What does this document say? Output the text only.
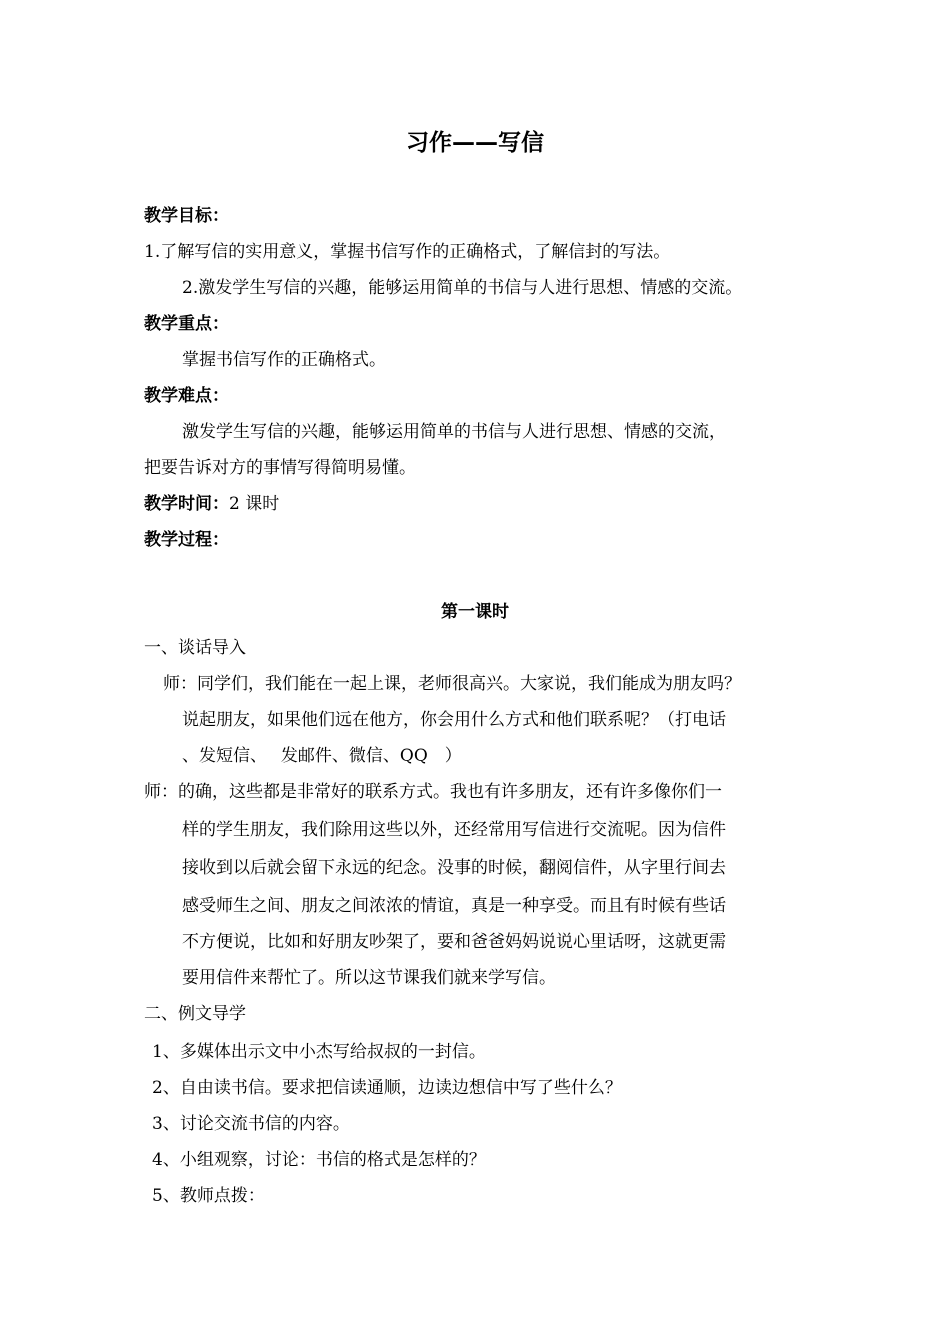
习作——写信
教学目标：
1.了解写信的实用意义，掌握书信写作的正确格式，了解信封的写法。
2.激发学生写信的兴趣，能够运用简单的书信与人进行思想、情感的交流。
教学重点：
掌握书信写作的正确格式。
教学难点：
激发学生写信的兴趣，能够运用简单的书信与人进行思想、情感的交流，
把要告诉对方的事情写得简明易懂。
教学时间：2 课时
教学过程：
第一课时
一、谈话导入
师：同学们，我们能在一起上课，老师很高兴。大家说，我们能成为朋友吗？
说起朋友，如果他们远在他方，你会用什么方式和他们联系呢？（打电话
、发短信、　 发邮件、微信、QQ　）
师：的确，这些都是非常好的联系方式。我也有许多朋友，还有许多像你们一
样的学生朋友，我们除用这些以外，还经常用写信进行交流呢。因为信件
接收到以后就会留下永远的纪念。没事的时候，翻阅信件，从字里行间去
感受师生之间、朋友之间浓浓的情谊，真是一种享受。而且有时候有些话
不方便说，比如和好朋友吵架了，要和爸爸妈妈说说心里话呀，这就更需
要用信件来帮忙了。所以这节课我们就来学写信。
二、例文导学
1、多媒体出示文中小杰写给叔叔的一封信。
2、自由读书信。要求把信读通顺，边读边想信中写了些什么？
3、讨论交流书信的内容。
4、小组观察，讨论：书信的格式是怎样的？
5、教师点拨：
